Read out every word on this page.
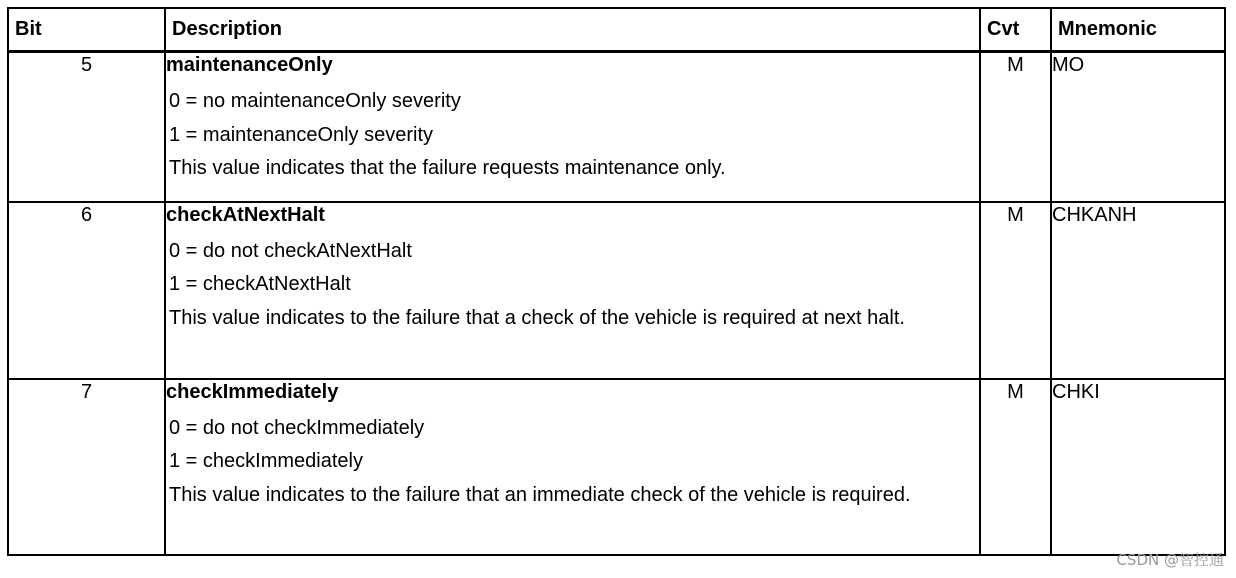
Bit	Description	Cvt	Mnemonic
5	maintenanceOnly
0 = no maintenanceOnly severity
1 = maintenanceOnly severity
This value indicates that the failure requests maintenance only.	M	MO
6	checkAtNextHalt
0 = do not checkAtNextHalt
1 = checkAtNextHalt
This value indicates to the failure that a check of the vehicle is required at next halt.	M	CHKANH
7	checkImmediately
0 = do not checkImmediately
1 = checkImmediately
This value indicates to the failure that an immediate check of the vehicle is required.	M	CHKI
CSDN @智控通
